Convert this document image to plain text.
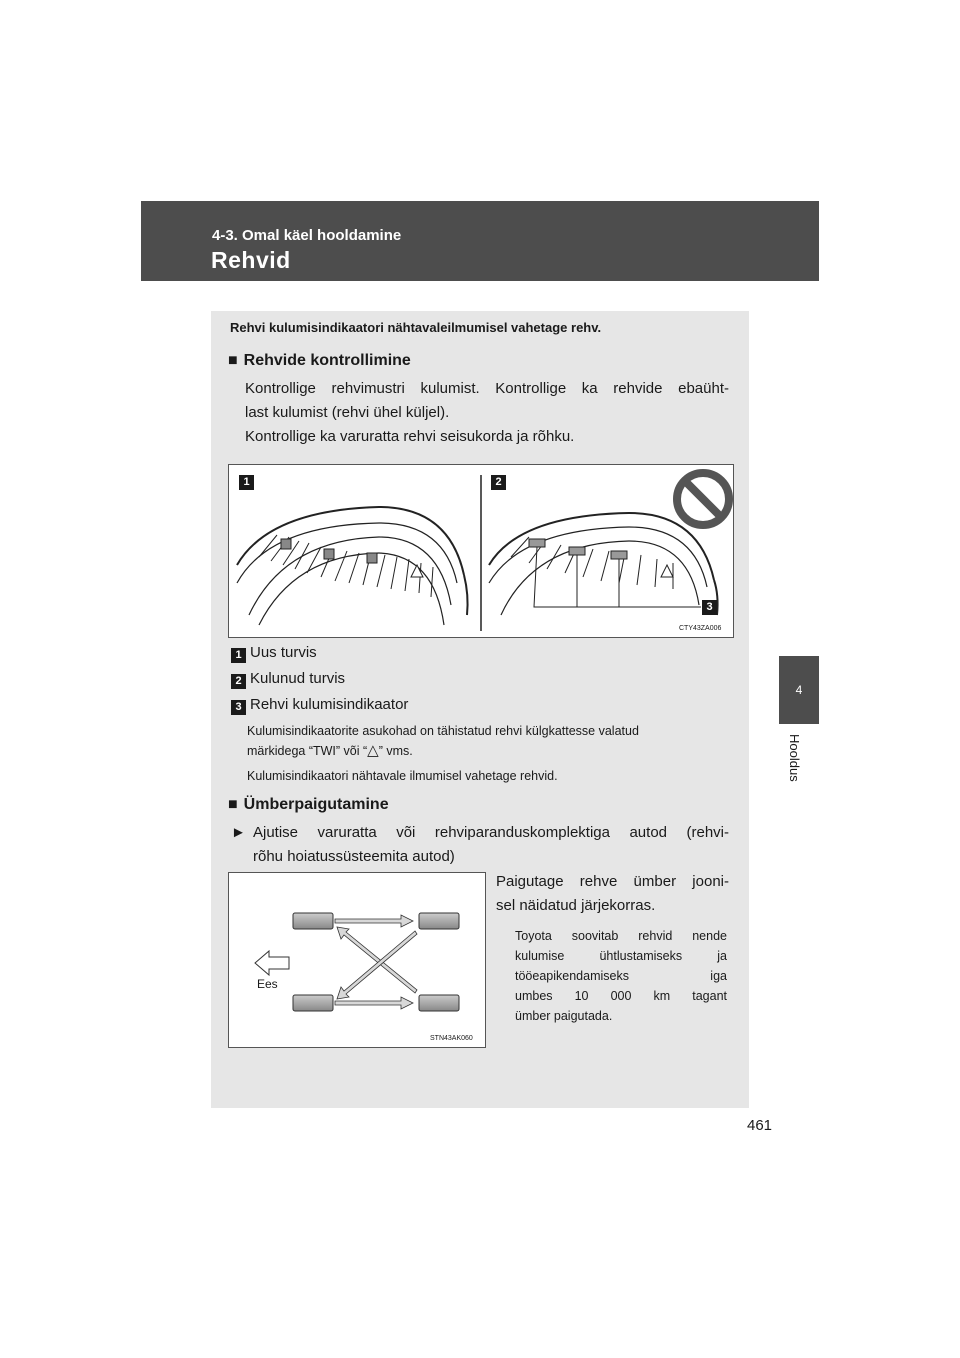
4-3. Omal käel hooldamine
Rehvid
4
Hooldus
Rehvi kulumisindikaatori nähtavaleilmumisel vahetage rehv.
■ Rehvide kontrollimine
Kontrollige rehvimustri kulumist. Kontrollige ka rehvide ebaüht-
last kulumist (rehvi ühel küljel).
Kontrollige ka varuratta rehvi seisukorda ja rõhku.
1	2
3
CTY43ZA006
1 Uus turvis
2 Kulunud turvis
3 Rehvi kulumisindikaator
Kulumisindikaatorite asukohad on tähistatud rehvi külgkattesse valatud
märkidega “TWI” või “△” vms.
Kulumisindikaatori nähtavale ilmumisel vahetage rehvid.
■ Ümberpaigutamine
► Ajutise varuratta või rehviparanduskomplektiga autod (rehvi-
rõhu hoiatussüsteemita autod)
Paigutage rehve ümber jooni-
sel näidatud järjekorras.
Toyota soovitab rehvid nende
kulumise ühtlustamiseks ja
tööeapikendamiseks iga
umbes 10 000 km tagant
ümber paigutada.
Ees
STN43AK060
461
